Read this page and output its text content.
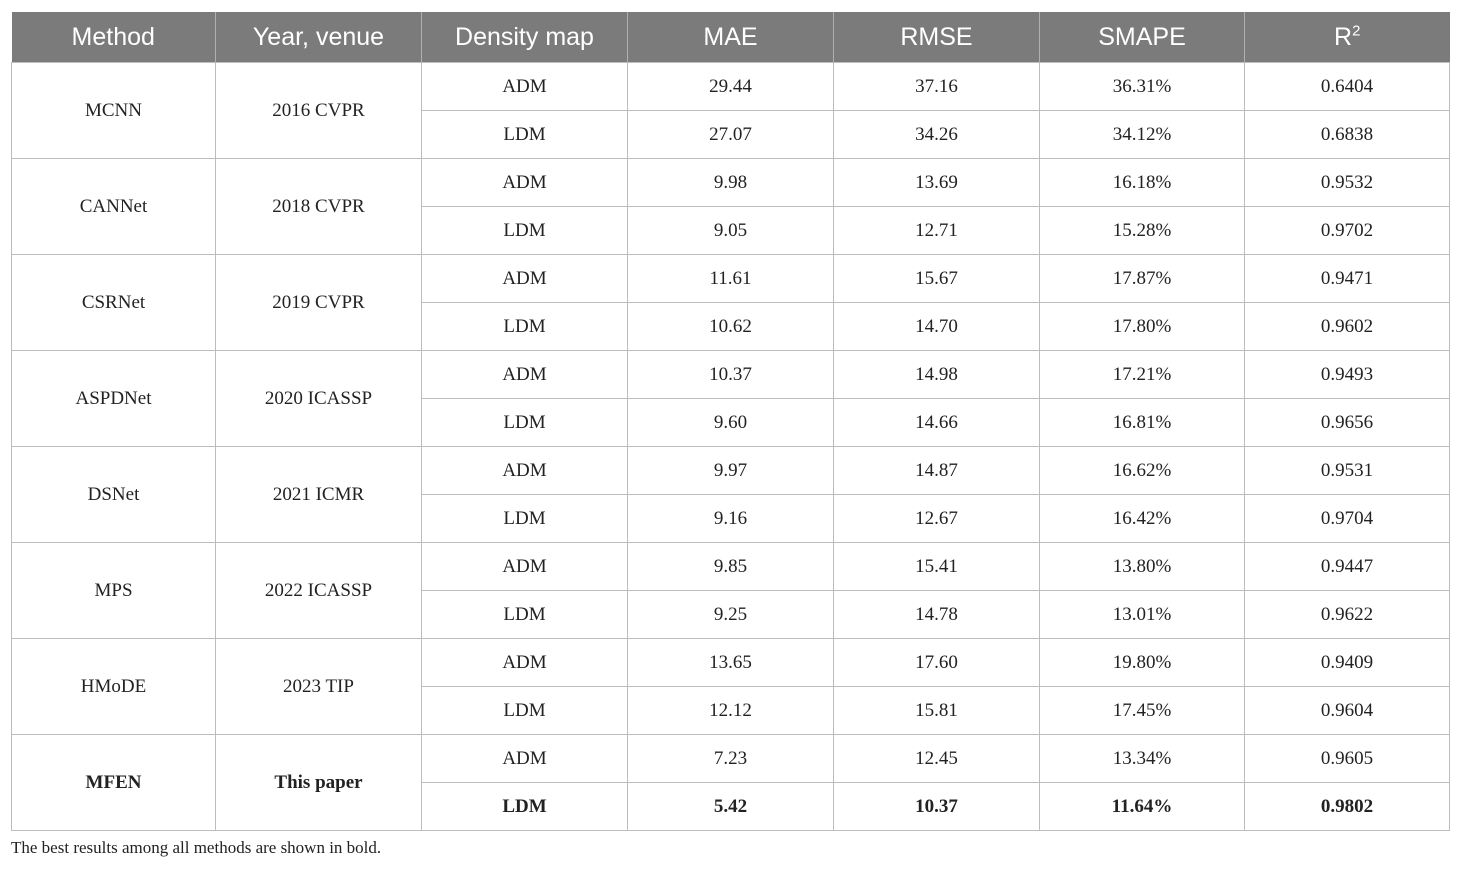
Method	Year, venue	Density map	MAE	RMSE	SMAPE	$R^2$
MCNN	2016 CVPR	ADM	29.44	37.16	36.31%	0.6404
		LDM	27.07	34.26	34.12%	0.6838
CANNet	2018 CVPR	ADM	9.98	13.69	16.18%	0.9532
		LDM	9.05	12.71	15.28%	0.9702
CSRNet	2019 CVPR	ADM	11.61	15.67	17.87%	0.9471
		LDM	10.62	14.70	17.80%	0.9602
ASPDNet	2020 ICASSP	ADM	10.37	14.98	17.21%	0.9493
		LDM	9.60	14.66	16.81%	0.9656
DSNet	2021 ICMR	ADM	9.97	14.87	16.62%	0.9531
		LDM	9.16	12.67	16.42%	0.9704
MPS	2022 ICASSP	ADM	9.85	15.41	13.80%	0.9447
		LDM	9.25	14.78	13.01%	0.9622
HMoDE	2023 TIP	ADM	13.65	17.60	19.80%	0.9409
		LDM	12.12	15.81	17.45%	0.9604
MFEN	This paper	ADM	7.23	12.45	13.34%	0.9605
		LDM	5.42	10.37	11.64%	0.9802
The best results among all methods are shown in bold.
